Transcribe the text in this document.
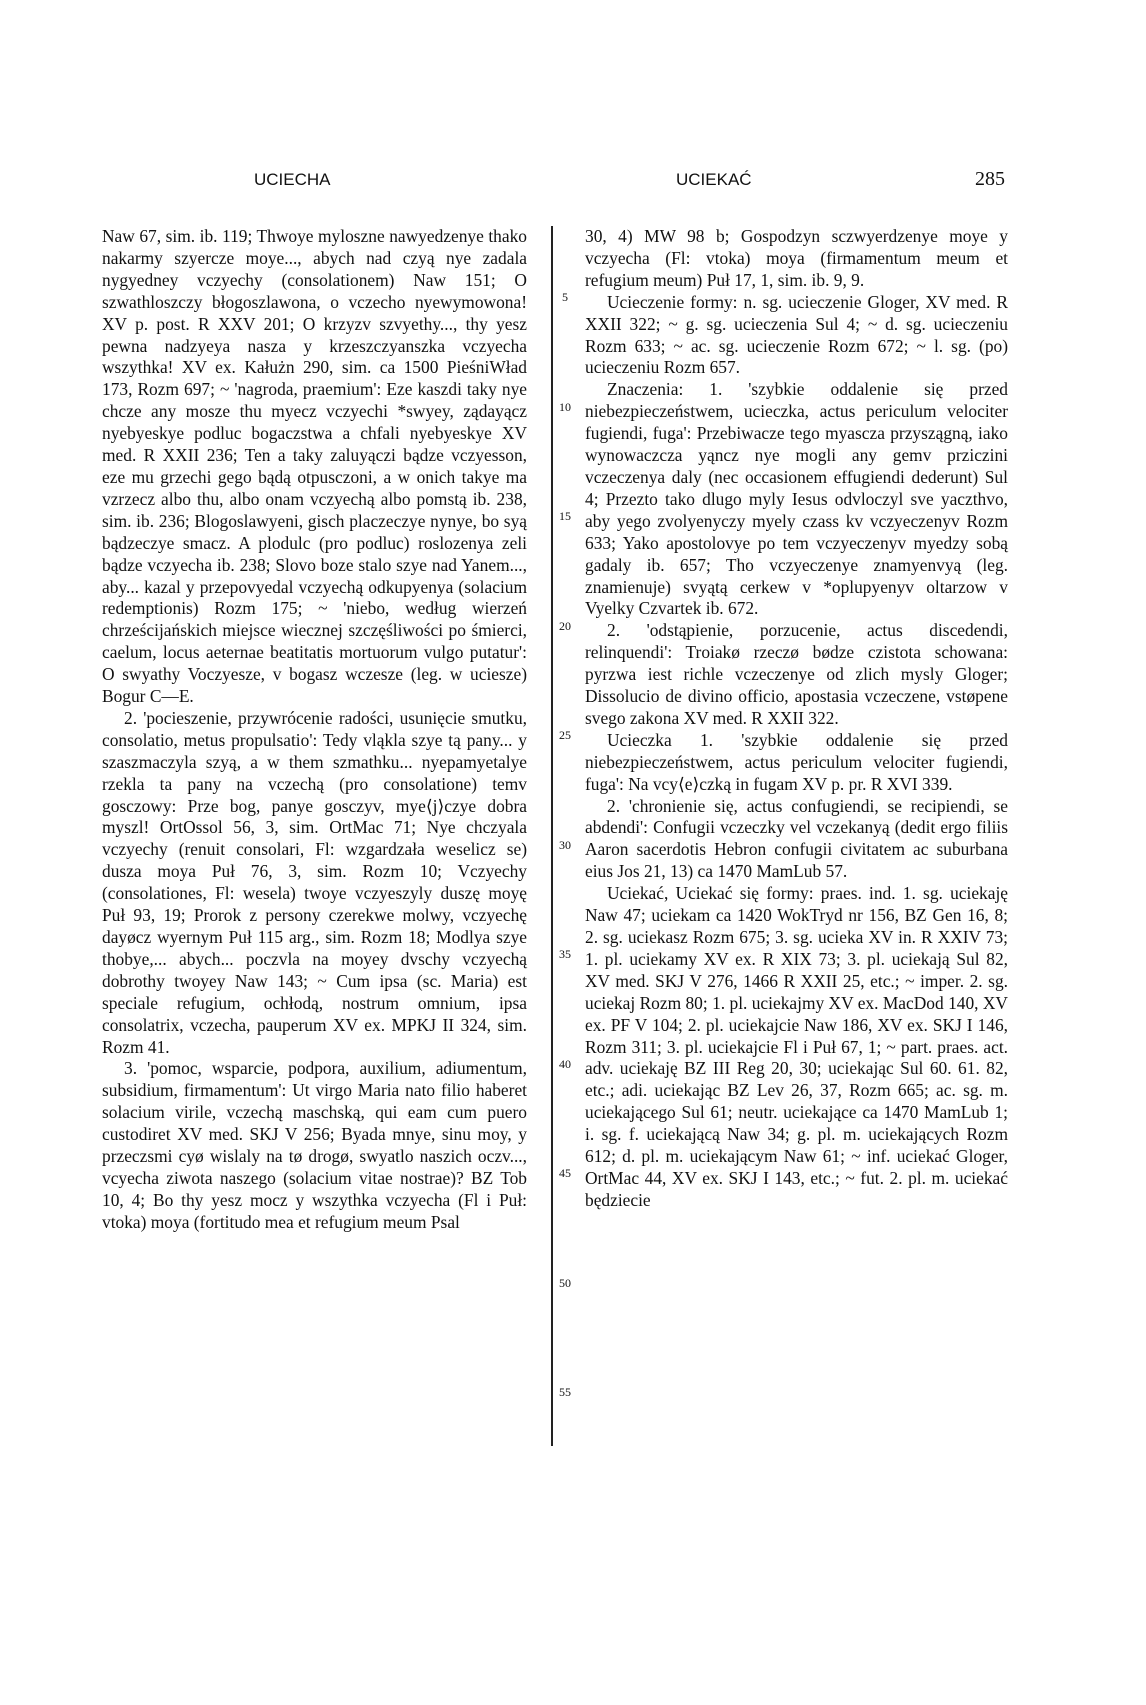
UCIECHA	UCIEKAĆ	285
5
10
15
20
25
30
35
40
45
50
55

Naw 67, sim. ib. 119; Thwoye myloszne nawyedzenye thako nakarmy szyercze moye..., abych nad czyą nye zadala nygyedney vczyechy (consolationem) Naw 151; O szwathloszczy błogoszlawona, o vczecho nyewymowona! XV p. post. R XXV 201; O krzyzv szvyethy..., thy yesz pewna nadzyeya nasza y krzeszczyanszka vczyecha wszythka! XV ex. Kałużn 290, sim. ca 1500 PieśniWład 173, Rozm 697; ~ 'nagroda, praemium': Eze kaszdi taky nye chcze any mosze thu myecz vczyechi *swyey, ządayącz nyebyeskye podluc bogaczstwa a chfali nyebyeskye XV med. R XXII 236; Ten a taky zaluyączi bądze vczyesson, eze mu grzechi gego bądą otpusczoni, a w onich takye ma vzrzecz albo thu, albo onam vczyechą albo pomstą ib. 238, sim. ib. 236; Blogoslawyeni, gisch placzeczye nynye, bo syą bądzeczye smacz. A plodulc (pro podluc) roslozenya zeli bądze vczyecha ib. 238; Slovo boze stalo szye nad Yanem..., aby... kazal y przepovyedal vczyechą odkupyenya (solacium redemptionis) Rozm 175; ~ 'niebo, według wierzeń chrześcijańskich miejsce wiecznej szczęśliwości po śmierci, caelum, locus aeternae beatitatis mortuorum vulgo putatur': O swyathy Voczyesze, v bogasz wczesze (leg. w uciesze) Bogur C—E.

2. 'pocieszenie, przywrócenie radości, usunięcie smutku, consolatio, metus propulsatio': Tedy vląkla szye tą pany... y szaszmaczyla szyą, a w them szmathku... nyepamyetalye rzekla ta pany na vczechą (pro consolatione) temv gosczowy: Prze bog, panye gosczyv, mye⟨j⟩czye dobra myszl! OrtOssol 56, 3, sim. OrtMac 71; Nye chczyala vczyechy (renuit consolari, Fl: wzgardzała weselicz se) dusza moya Puł 76, 3, sim. Rozm 10; Vczyechy (consolationes, Fl: wesela) twoye vczyeszyly duszę moyę Puł 93, 19; Prorok z persony czerekwe molwy, vczyechę dayøcz wyernym Puł 115 arg., sim. Rozm 18; Modlya szye thobye,... abych... poczvla na moyey dvschy vczyechą dobrothy twoyey Naw 143; ~ Cum ipsa (sc. Maria) est speciale refugium, ochłodą, nostrum omnium, ipsa consolatrix, vczecha, pauperum XV ex. MPKJ II 324, sim. Rozm 41.

3. 'pomoc, wsparcie, podpora, auxilium, adiumentum, subsidium, firmamentum': Ut virgo Maria nato filio haberet solacium virile, vczechą maschską, qui eam cum puero custodiret XV med. SKJ V 256; Byada mnye, sinu moy, y przeczsmi cyø wislaly na tø drogø, swyatlo naszich oczv..., vcyecha ziwota naszego (solacium vitae nostrae)? BZ Tob 10, 4; Bo thy yesz mocz y wszythka vczyecha (Fl i Puł: vtoka) moya (fortitudo mea et refugium meum Psal

30, 4) MW 98 b; Gospodzyn sczwyerdzenye moye y vczyecha (Fl: vtoka) moya (firmamentum meum et refugium meum) Puł 17, 1, sim. ib. 9, 9.

Ucieczenie formy: n. sg. ucieczenie Gloger, XV med. R XXII 322; ~ g. sg. ucieczenia Sul 4; ~ d. sg. ucieczeniu Rozm 633; ~ ac. sg. ucieczenie Rozm 672; ~ l. sg. (po) ucieczeniu Rozm 657.

Znaczenia: 1. 'szybkie oddalenie się przed niebezpieczeństwem, ucieczka, actus periculum velociter fugiendi, fuga': Przebiwacze tego myascza przyszągną, iako wynowaczcza yąncz nye mogli any gemv prziczini vczeczenya daly (nec occasionem effugiendi dederunt) Sul 4; Przezto tako dlugo myly Iesus odvloczyl sve yaczthvo, aby yego zvolyenyczy myely czass kv vczyeczenyv Rozm 633; Yako apostolovye po tem vczyeczenyv myedzy sobą gadaly ib. 657; Tho vczyeczenye znamyenvyą (leg. znamienuje) svyątą cerkew v *oplupyenyv oltarzow v Vyelky Czvartek ib. 672.

2. 'odstąpienie, porzucenie, actus discedendi, relinquendi': Troiakø rzeczø bødze czistota schowana: pyrzwa iest richle vczeczenye od zlich mysly Gloger; Dissolucio de divino officio, apostasia vczeczene, vstøpene svego zakona XV med. R XXII 322.

Ucieczka 1. 'szybkie oddalenie się przed niebezpieczeństwem, actus periculum velociter fugiendi, fuga': Na vcy⟨e⟩czką in fugam XV p. pr. R XVI 339.

2. 'chronienie się, actus confugiendi, se recipiendi, se abdendi': Confugii vczeczky vel vczekanyą (dedit ergo filiis Aaron sacerdotis Hebron confugii civitatem ac suburbana eius Jos 21, 13) ca 1470 MamLub 57.

Uciekać, Uciekać się formy: praes. ind. 1. sg. uciekaję Naw 47; uciekam ca 1420 WokTryd nr 156, BZ Gen 16, 8; 2. sg. uciekasz Rozm 675; 3. sg. ucieka XV in. R XXIV 73; 1. pl. uciekamy XV ex. R XIX 73; 3. pl. uciekają Sul 82, XV med. SKJ V 276, 1466 R XXII 25, etc.; ~ imper. 2. sg. uciekaj Rozm 80; 1. pl. uciekajmy XV ex. MacDod 140, XV ex. PF V 104; 2. pl. uciekajcie Naw 186, XV ex. SKJ I 146, Rozm 311; 3. pl. uciekajcie Fl i Puł 67, 1; ~ part. praes. act. adv. uciekaję BZ III Reg 20, 30; uciekając Sul 60. 61. 82, etc.; adi. uciekając BZ Lev 26, 37, Rozm 665; ac. sg. m. uciekającego Sul 61; neutr. uciekające ca 1470 MamLub 1; i. sg. f. uciekającą Naw 34; g. pl. m. uciekających Rozm 612; d. pl. m. uciekającym Naw 61; ~ inf. uciekać Gloger, OrtMac 44, XV ex. SKJ I 143, etc.; ~ fut. 2. pl. m. uciekać będziecie
